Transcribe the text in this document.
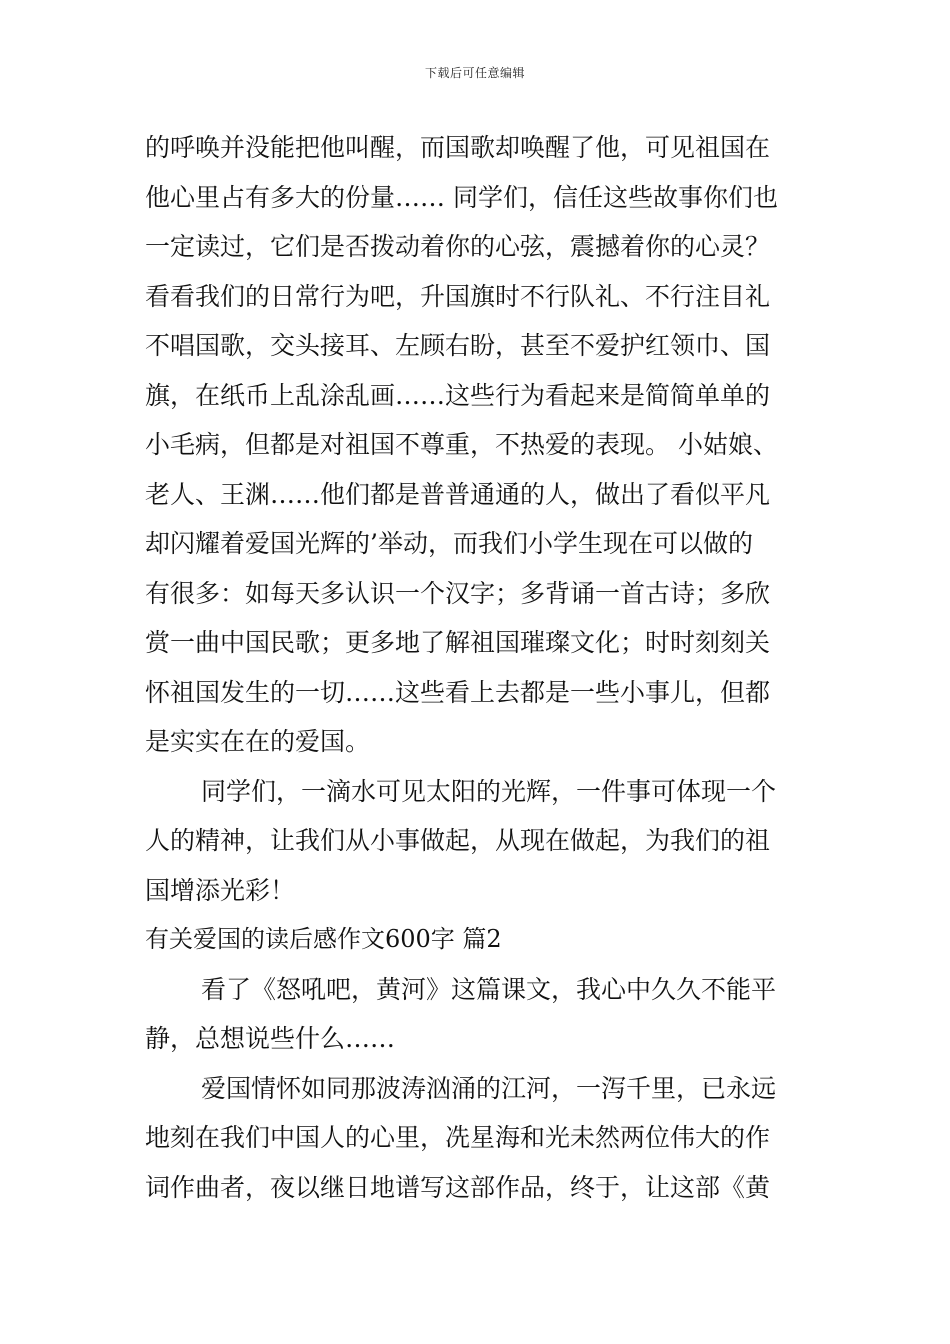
下载后可任意编辑
的呼唤并没能把他叫醒，而国歌却唤醒了他，可见祖国在
他心里占有多大的份量…… 同学们，信任这些故事你们也
一定读过，它们是否拨动着你的心弦，震撼着你的心灵？
看看我们的日常行为吧，升国旗时不行队礼、不行注目礼
不唱国歌，交头接耳、左顾右盼，甚至不爱护红领巾、国
旗，在纸币上乱涂乱画……这些行为看起来是简简单单的
小毛病，但都是对祖国不尊重，不热爱的表现。 小姑娘、
老人、王渊……他们都是普普通通的人，做出了看似平凡
却闪耀着爱国光辉的’举动，而我们小学生现在可以做的
有很多：如每天多认识一个汉字；多背诵一首古诗；多欣
赏一曲中国民歌；更多地了解祖国璀璨文化；时时刻刻关
怀祖国发生的一切……这些看上去都是一些小事儿，但都
是实实在在的爱国。
同学们，一滴水可见太阳的光辉，一件事可体现一个
人的精神，让我们从小事做起，从现在做起，为我们的祖
国增添光彩！
有关爱国的读后感作文600字 篇2
看了《怒吼吧，黄河》这篇课文，我心中久久不能平
静，总想说些什么……
爱国情怀如同那波涛汹涌的江河，一泻千里，已永远
地刻在我们中国人的心里，冼星海和光未然两位伟大的作
词作曲者，夜以继日地谱写这部作品，终于，让这部《黄
